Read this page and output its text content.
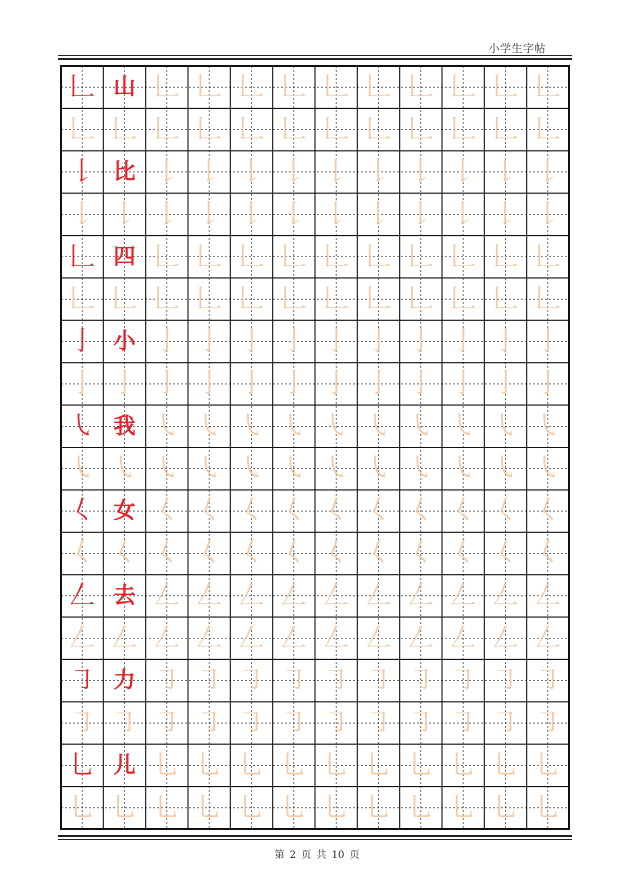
小学生字帖
𠃊 山 𠃊 𠃊 𠃊 𠃊 𠃊 𠃊 𠃊 𠃊 𠃊 𠃊
𠃊 𠃊 𠃊 𠃊 𠃊 𠃊 𠃊 𠃊 𠃊 𠃊 𠃊 𠃊
𠄌 比 𠄌 𠄌 𠄌 𠄌 𠄌 𠄌 𠄌 𠄌 𠄌 𠄌
𠄌 𠄌 𠄌 𠄌 𠄌 𠄌 𠄌 𠄌 𠄌 𠄌 𠄌 𠄌
𠃊 四 𠃊 𠃊 𠃊 𠃊 𠃊 𠃊 𠃊 𠃊 𠃊 𠃊
𠃊 𠃊 𠃊 𠃊 𠃊 𠃊 𠃊 𠃊 𠃊 𠃊 𠃊 𠃊
亅 小 亅 亅 亅 亅 亅 亅 亅 亅 亅 亅
亅 亅 亅 亅 亅 亅 亅 亅 亅 亅 亅 亅
㇂ 我 ㇂ ㇂ ㇂ ㇂ ㇂ ㇂ ㇂ ㇂ ㇂ ㇂
㇂ ㇂ ㇂ ㇂ ㇂ ㇂ ㇂ ㇂ ㇂ ㇂ ㇂ ㇂
𡿨 女 𡿨 𡿨 𡿨 𡿨 𡿨 𡿨 𡿨 𡿨 𡿨 𡿨
𡿨 𡿨 𡿨 𡿨 𡿨 𡿨 𡿨 𡿨 𡿨 𡿨 𡿨 𡿨
𠃋 去 𠃋 𠃋 𠃋 𠃋 𠃋 𠃋 𠃋 𠃋 𠃋 𠃋
𠃋 𠃋 𠃋 𠃋 𠃋 𠃋 𠃋 𠃋 𠃋 𠃋 𠃋 𠃋
㇆ 力 ㇆ ㇆ ㇆ ㇆ ㇆ ㇆ ㇆ ㇆ ㇆ ㇆
㇆ ㇆ ㇆ ㇆ ㇆ ㇆ ㇆ ㇆ ㇆ ㇆ ㇆ ㇆
乚 儿 乚 乚 乚 乚 乚 乚 乚 乚 乚 乚
乚 乚 乚 乚 乚 乚 乚 乚 乚 乚 乚 乚
第 2 页 共 10 页
